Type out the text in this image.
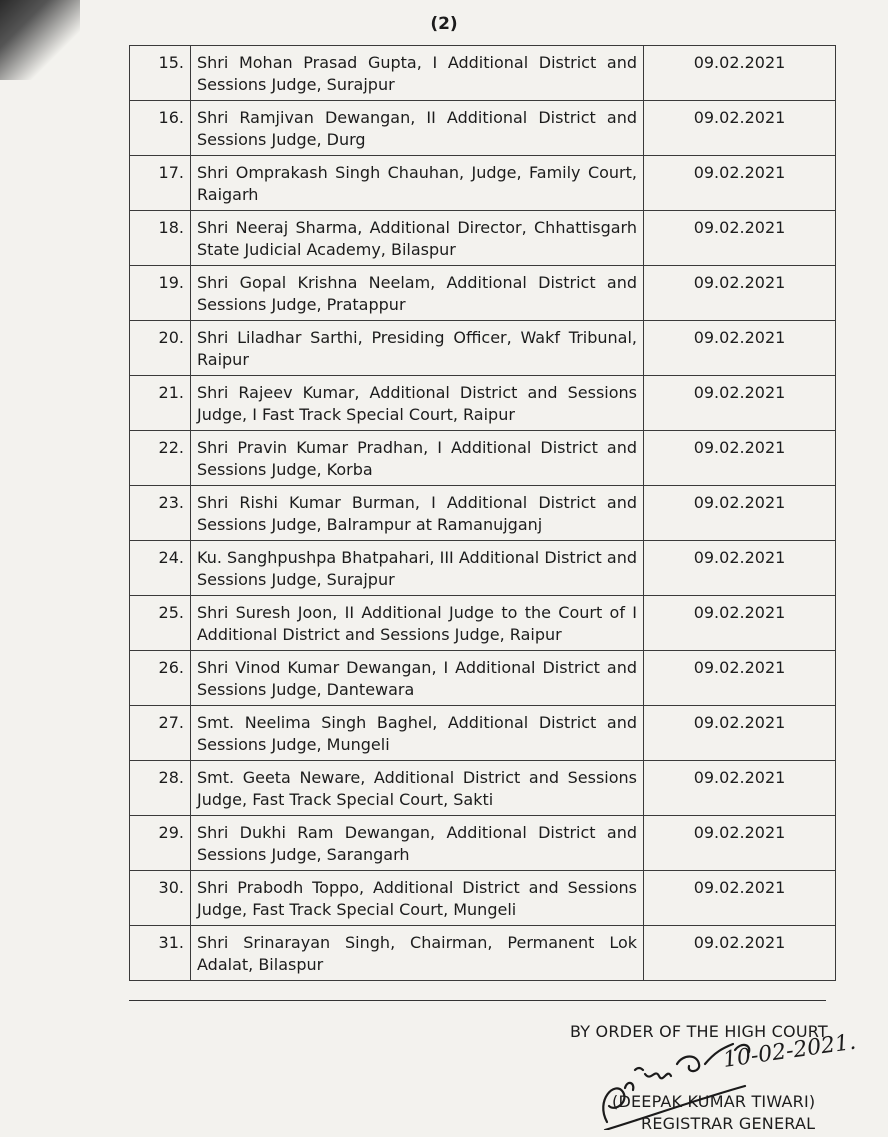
(2)
15.	Shri Mohan Prasad Gupta, I Additional District and Sessions Judge, Surajpur	09.02.2021
16.	Shri Ramjivan Dewangan, II Additional District and Sessions Judge, Durg	09.02.2021
17.	Shri Omprakash Singh Chauhan, Judge, Family Court, Raigarh	09.02.2021
18.	Shri Neeraj Sharma, Additional Director, Chhattisgarh State Judicial Academy, Bilaspur	09.02.2021
19.	Shri Gopal Krishna Neelam, Additional District and Sessions Judge, Pratappur	09.02.2021
20.	Shri Liladhar Sarthi, Presiding Officer, Wakf Tribunal, Raipur	09.02.2021
21.	Shri Rajeev Kumar, Additional District and Sessions Judge, I Fast Track Special Court, Raipur	09.02.2021
22.	Shri Pravin Kumar Pradhan, I Additional District and Sessions Judge, Korba	09.02.2021
23.	Shri Rishi Kumar Burman, I Additional District and Sessions Judge, Balrampur at Ramanujganj	09.02.2021
24.	Ku. Sanghpushpa Bhatpahari, III Additional District and Sessions Judge, Surajpur	09.02.2021
25.	Shri Suresh Joon, II Additional Judge to the Court of I Additional District and Sessions Judge, Raipur	09.02.2021
26.	Shri Vinod Kumar Dewangan, I Additional District and Sessions Judge, Dantewara	09.02.2021
27.	Smt. Neelima Singh Baghel, Additional District and Sessions Judge, Mungeli	09.02.2021
28.	Smt. Geeta Neware, Additional District and Sessions Judge, Fast Track Special Court, Sakti	09.02.2021
29.	Shri Dukhi Ram Dewangan, Additional District and Sessions Judge, Sarangarh	09.02.2021
30.	Shri Prabodh Toppo, Additional District and Sessions Judge, Fast Track Special Court, Mungeli	09.02.2021
31.	Shri Srinarayan Singh, Chairman, Permanent Lok Adalat, Bilaspur	09.02.2021
BY ORDER OF THE HIGH COURT
10-02-2021.
(DEEPAK KUMAR TIWARI)
REGISTRAR GENERAL
